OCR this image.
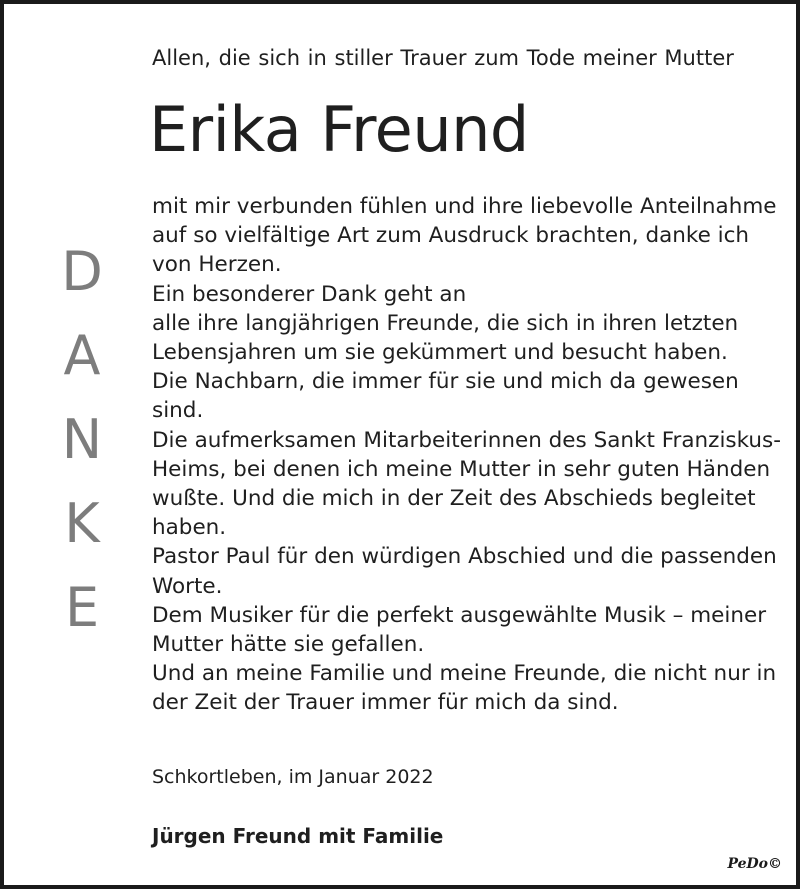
Allen, die sich in stiller Trauer zum Tode meiner Mutter
Erika Freund
D
A
N
K
E
mit mir verbunden fühlen und ihre liebevolle Anteilnahme
auf so vielfältige Art zum Ausdruck brachten, danke ich
von Herzen.
Ein besonderer Dank geht an
alle ihre langjährigen Freunde, die sich in ihren letzten
Lebensjahren um sie gekümmert und besucht haben.
Die Nachbarn, die immer für sie und mich da gewesen
sind.
Die aufmerksamen Mitarbeiterinnen des Sankt Franziskus-
Heims, bei denen ich meine Mutter in sehr guten Händen
wußte. Und die mich in der Zeit des Abschieds begleitet
haben.
Pastor Paul für den würdigen Abschied und die passenden
Worte.
Dem Musiker für die perfekt ausgewählte Musik – meiner
Mutter hätte sie gefallen.
Und an meine Familie und meine Freunde, die nicht nur in
der Zeit der Trauer immer für mich da sind.
Schkortleben, im Januar 2022
Jürgen Freund mit Familie
PeDo©
